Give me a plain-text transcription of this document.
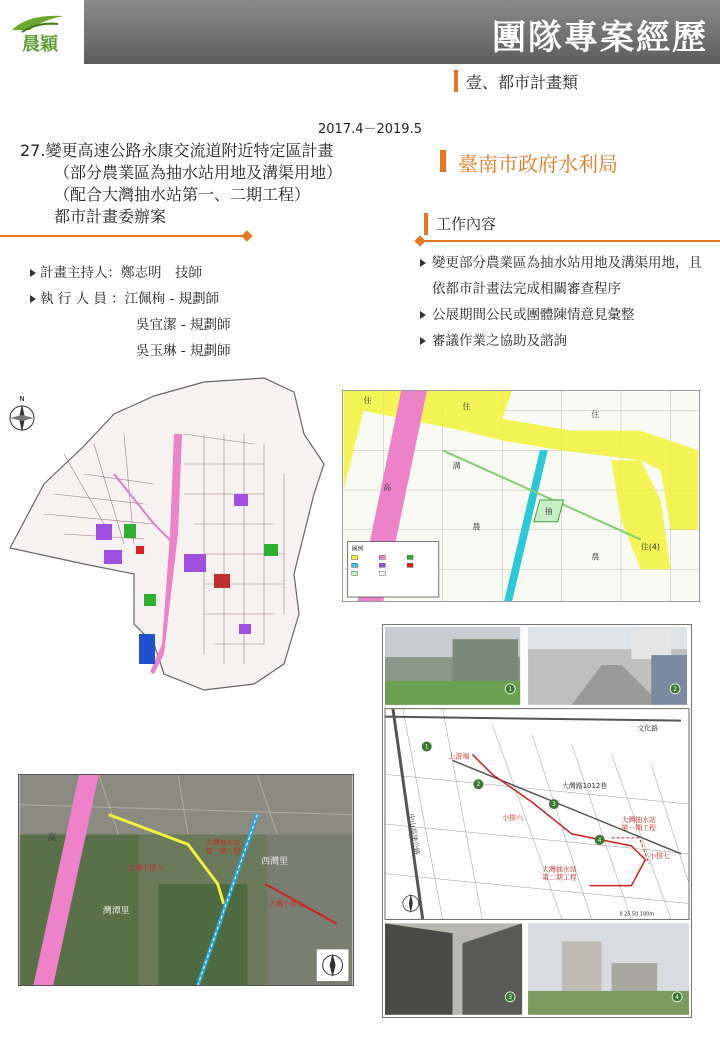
晨穎	團隊專案經歷
壹、都市計畫類
2017.4－2019.5
27.變更高速公路永康交流道附近特定區計畫
（部分農業區為抽水站用地及溝渠用地）
（配合大灣抽水站第一、二期工程）
都市計畫委辦案
臺南市政府水利局
工作內容
變更部分農業區為抽水站用地及溝渠用地，且依都市計畫法完成相關審查程序
公展期間公民或團體陳情意見彙整
審議作業之協助及諮詢
計畫主持人：鄭志明　技師
執 行 人 員 ：江佩栒 - 規劃師
吳宜潔 - 規劃師
吳玉琳 - 規劃師
N	住
住
住
溝
農
農
高
抽
住(4)
圖例
上游端
小排六
小排七
大灣抽水站
第一期工程
大灣抽水站
第二期工程
文化路
大灣路1012巷
中山高速公路
0 25 50 100m
1	2
3	4
1
2
3
4
高
西灣里
灣潭里
大灣小排六
大灣小排七
大灣抽水站
第一期工程
